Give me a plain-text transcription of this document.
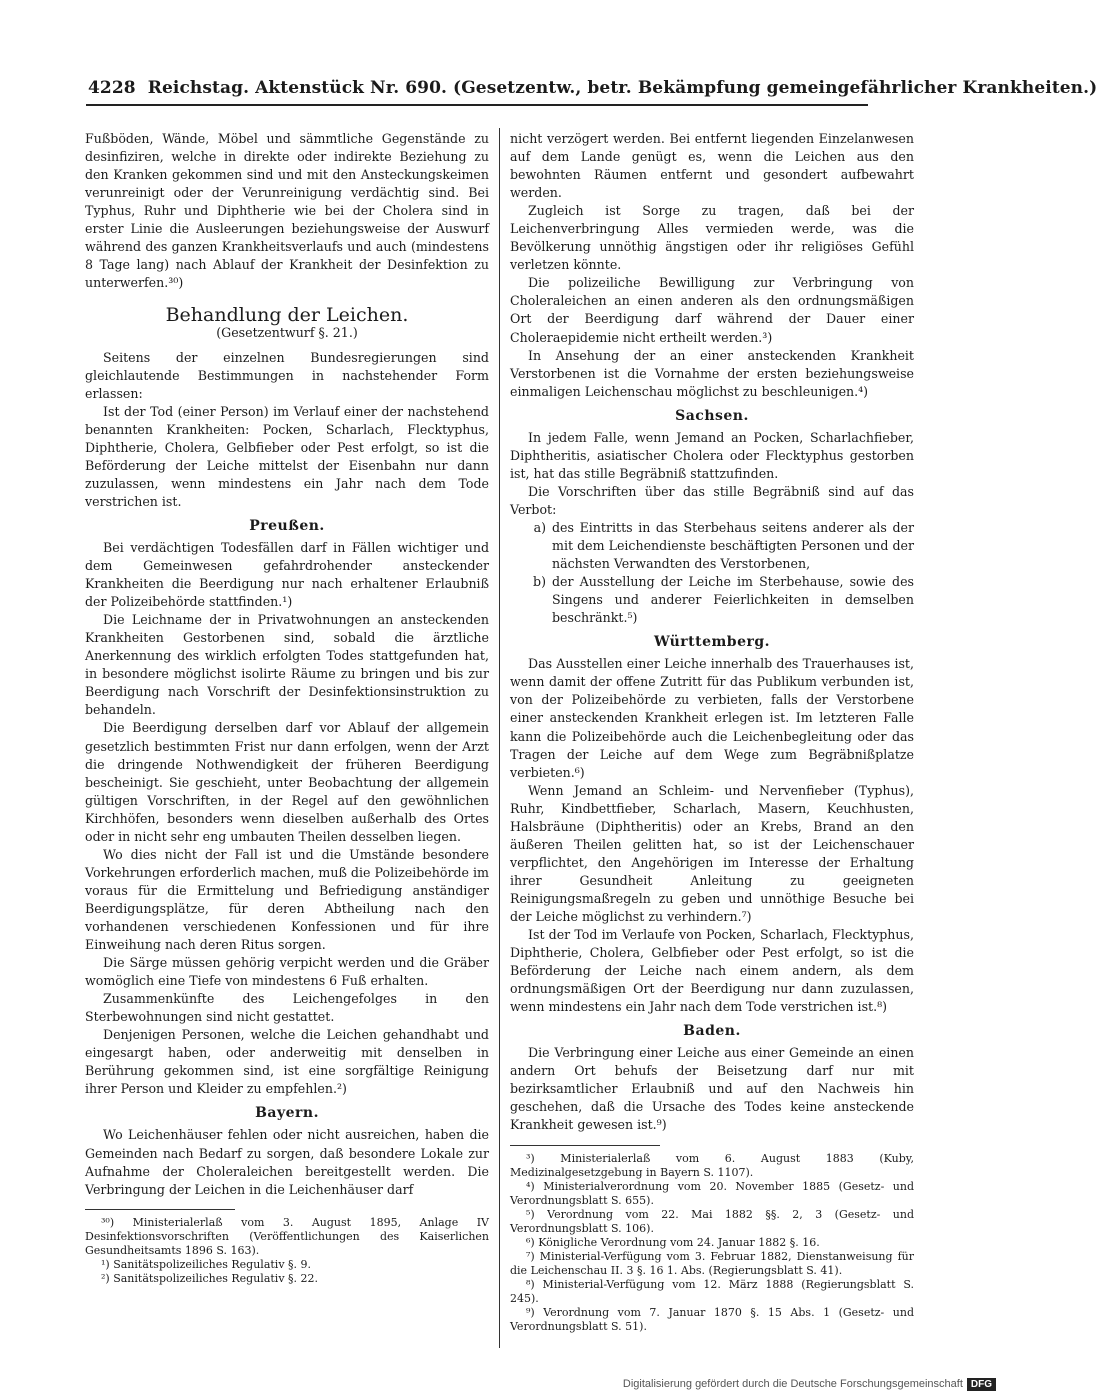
4228 Reichstag. Aktenstück Nr. 690. (Gesetzentw., betr. Bekämpfung gemeingefährlicher Krankheiten.)

Fußböden, Wände, Möbel und sämmtliche Gegenstände zu desinfiziren, welche in direkte oder indirekte Beziehung zu den Kranken gekommen sind und mit den Ansteckungskeimen verunreinigt oder der Verunreinigung verdächtig sind. Bei Typhus, Ruhr und Diphtherie wie bei der Cholera sind in erster Linie die Ausleerungen beziehungsweise der Auswurf während des ganzen Krankheitsverlaufs und auch (mindestens 8 Tage lang) nach Ablauf der Krankheit der Desinfektion zu unterwerfen.³⁰)

Behandlung der Leichen.
(Gesetzentwurf §. 21.)

Seitens der einzelnen Bundesregierungen sind gleichlautende Bestimmungen in nachstehender Form erlassen:

Ist der Tod (einer Person) im Verlauf einer der nachstehend benannten Krankheiten: Pocken, Scharlach, Flecktyphus, Diphtherie, Cholera, Gelbfieber oder Pest erfolgt, so ist die Beförderung der Leiche mittelst der Eisenbahn nur dann zuzulassen, wenn mindestens ein Jahr nach dem Tode verstrichen ist.

Preußen.

Bei verdächtigen Todesfällen darf in Fällen wichtiger und dem Gemeinwesen gefahrdrohender ansteckender Krankheiten die Beerdigung nur nach erhaltener Erlaubniß der Polizeibehörde stattfinden.¹)

Die Leichname der in Privatwohnungen an ansteckenden Krankheiten Gestorbenen sind, sobald die ärztliche Anerkennung des wirklich erfolgten Todes stattgefunden hat, in besondere möglichst isolirte Räume zu bringen und bis zur Beerdigung nach Vorschrift der Desinfektionsinstruktion zu behandeln.

Die Beerdigung derselben darf vor Ablauf der allgemein gesetzlich bestimmten Frist nur dann erfolgen, wenn der Arzt die dringende Nothwendigkeit der früheren Beerdigung bescheinigt. Sie geschieht, unter Beobachtung der allgemein gültigen Vorschriften, in der Regel auf den gewöhnlichen Kirchhöfen, besonders wenn dieselben außerhalb des Ortes oder in nicht sehr eng umbauten Theilen desselben liegen.

Wo dies nicht der Fall ist und die Umstände besondere Vorkehrungen erforderlich machen, muß die Polizeibehörde im voraus für die Ermittelung und Befriedigung anständiger Beerdigungsplätze, für deren Abtheilung nach den vorhandenen verschiedenen Konfessionen und für ihre Einweihung nach deren Ritus sorgen.

Die Särge müssen gehörig verpicht werden und die Gräber womöglich eine Tiefe von mindestens 6 Fuß erhalten.

Zusammenkünfte des Leichengefolges in den Sterbewohnungen sind nicht gestattet.

Denjenigen Personen, welche die Leichen gehandhabt und eingesargt haben, oder anderweitig mit denselben in Berührung gekommen sind, ist eine sorgfältige Reinigung ihrer Person und Kleider zu empfehlen.²)

Bayern.

Wo Leichenhäuser fehlen oder nicht ausreichen, haben die Gemeinden nach Bedarf zu sorgen, daß besondere Lokale zur Aufnahme der Choleraleichen bereitgestellt werden. Die Verbringung der Leichen in die Leichenhäuser darf

³⁰) Ministerialerlaß vom 3. August 1895, Anlage IV Desinfektionsvorschriften (Veröffentlichungen des Kaiserlichen Gesundheitsamts 1896 S. 163).
¹) Sanitätspolizeiliches Regulativ §. 9.
²) Sanitätspolizeiliches Regulativ §. 22.

nicht verzögert werden. Bei entfernt liegenden Einzelanwesen auf dem Lande genügt es, wenn die Leichen aus den bewohnten Räumen entfernt und gesondert aufbewahrt werden.

Zugleich ist Sorge zu tragen, daß bei der Leichenverbringung Alles vermieden werde, was die Bevölkerung unnöthig ängstigen oder ihr religiöses Gefühl verletzen könnte.

Die polizeiliche Bewilligung zur Verbringung von Choleraleichen an einen anderen als den ordnungsmäßigen Ort der Beerdigung darf während der Dauer einer Choleraepidemie nicht ertheilt werden.³)

In Ansehung der an einer ansteckenden Krankheit Verstorbenen ist die Vornahme der ersten beziehungsweise einmaligen Leichenschau möglichst zu beschleunigen.⁴)

Sachsen.

In jedem Falle, wenn Jemand an Pocken, Scharlachfieber, Diphtheritis, asiatischer Cholera oder Flecktyphus gestorben ist, hat das stille Begräbniß stattzufinden.

Die Vorschriften über das stille Begräbniß sind auf das Verbot:

a) des Eintritts in das Sterbehaus seitens anderer als der mit dem Leichendienste beschäftigten Personen und der nächsten Verwandten des Verstorbenen,
b) der Ausstellung der Leiche im Sterbehause, sowie des Singens und anderer Feierlichkeiten in demselben beschränkt.⁵)
Württemberg.

Das Ausstellen einer Leiche innerhalb des Trauerhauses ist, wenn damit der offene Zutritt für das Publikum verbunden ist, von der Polizeibehörde zu verbieten, falls der Verstorbene einer ansteckenden Krankheit erlegen ist. Im letzteren Falle kann die Polizeibehörde auch die Leichenbegleitung oder das Tragen der Leiche auf dem Wege zum Begräbnißplatze verbieten.⁶)

Wenn Jemand an Schleim- und Nervenfieber (Typhus), Ruhr, Kindbettfieber, Scharlach, Masern, Keuchhusten, Halsbräune (Diphtheritis) oder an Krebs, Brand an den äußeren Theilen gelitten hat, so ist der Leichenschauer verpflichtet, den Angehörigen im Interesse der Erhaltung ihrer Gesundheit Anleitung zu geeigneten Reinigungsmaßregeln zu geben und unnöthige Besuche bei der Leiche möglichst zu verhindern.⁷)

Ist der Tod im Verlaufe von Pocken, Scharlach, Flecktyphus, Diphtherie, Cholera, Gelbfieber oder Pest erfolgt, so ist die Beförderung der Leiche nach einem andern, als dem ordnungsmäßigen Ort der Beerdigung nur dann zuzulassen, wenn mindestens ein Jahr nach dem Tode verstrichen ist.⁸)

Baden.

Die Verbringung einer Leiche aus einer Gemeinde an einen andern Ort behufs der Beisetzung darf nur mit bezirksamtlicher Erlaubniß und auf den Nachweis hin geschehen, daß die Ursache des Todes keine ansteckende Krankheit gewesen ist.⁹)

³) Ministerialerlaß vom 6. August 1883 (Kuby, Medizinalgesetzgebung in Bayern S. 1107).
⁴) Ministerialverordnung vom 20. November 1885 (Gesetz- und Verordnungsblatt S. 655).
⁵) Verordnung vom 22. Mai 1882 §§. 2, 3 (Gesetz- und Verordnungsblatt S. 106).
⁶) Königliche Verordnung vom 24. Januar 1882 §. 16.
⁷) Ministerial-Verfügung vom 3. Februar 1882, Dienstanweisung für die Leichenschau II. 3 §. 16 1. Abs. (Regierungsblatt S. 41).
⁸) Ministerial-Verfügung vom 12. März 1888 (Regierungsblatt S. 245).
⁹) Verordnung vom 7. Januar 1870 §. 15 Abs. 1 (Gesetz- und Verordnungsblatt S. 51).
Digitalisierung gefördert durch die Deutsche Forschungsgemeinschaft DFG
